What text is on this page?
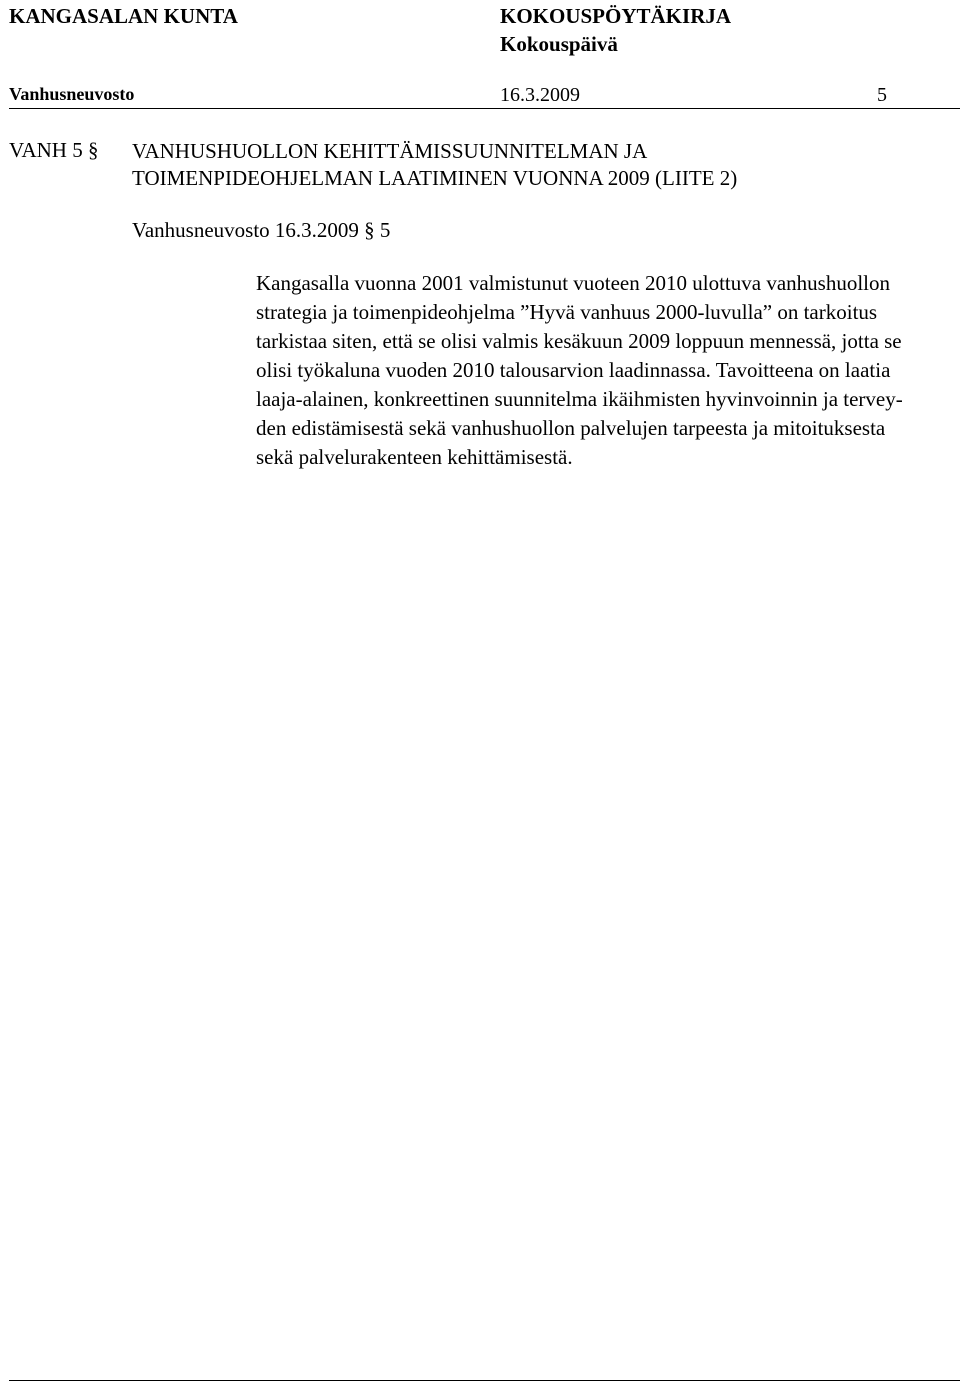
KANGASALAN KUNTA	KOKOUSPÖYTÄKIRJA
Kokouspäivä
Vanhusneuvosto	16.3.2009	5
VANH 5 § VANHUSHUOLLON KEHITTÄMISSUUNNITELMAN JA
TOIMENPIDEOHJELMAN LAATIMINEN VUONNA 2009 (LIITE 2)
Vanhusneuvosto 16.3.2009 § 5
Kangasalla vuonna 2001 valmistunut vuoteen 2010 ulottuva vanhushuollon
strategia ja toimenpideohjelma ”Hyvä vanhuus 2000-luvulla” on tarkoitus
tarkistaa siten, että se olisi valmis kesäkuun 2009 loppuun mennessä, jotta se
olisi työkaluna vuoden 2010 talousarvion laadinnassa. Tavoitteena on laatia
laaja-alainen, konkreettinen suunnitelma ikäihmisten hyvinvoinnin ja tervey-
den edistämisestä sekä vanhushuollon palvelujen tarpeesta ja mitoituksesta
sekä palvelurakenteen kehittämisestä.
